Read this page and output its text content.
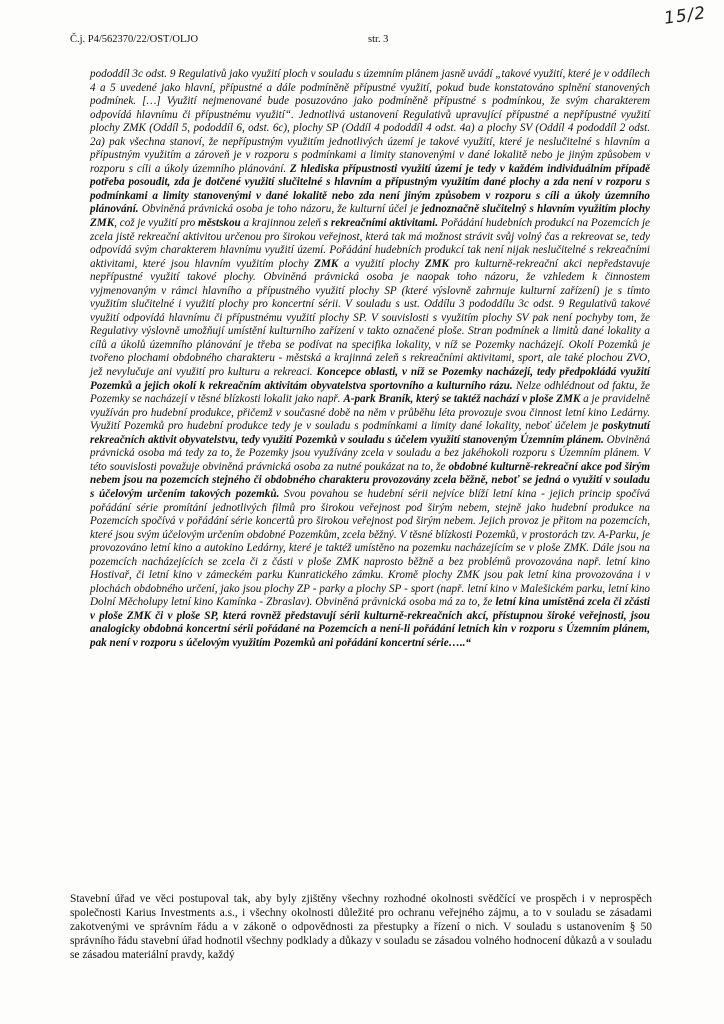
Č.j. P4/562370/22/OST/OLJO	str. 3
15/2
pododdíl 3c odst. 9 Regulativů jako využití ploch v souladu s územním plánem jasně uvádí „takové využití, které je v oddílech 4 a 5 uvedené jako hlavní, přípustné a dále podmíněně přípustné využití, pokud bude konstatováno splnění stanovených podmínek. […] Využití nejmenované bude posuzováno jako podmíněně přípustné s podmínkou, že svým charakterem odpovídá hlavnímu či přípustnému využití“. Jednotlivá ustanovení Regulativů upravující přípustné a nepřípustné využití plochy ZMK (Oddíl 5, pododdíl 6, odst. 6c), plochy SP (Oddíl 4 pododdíl 4 odst. 4a) a plochy SV (Oddíl 4 pododdíl 2 odst. 2a) pak všechna stanoví, že nepřípustným využitím jednotlivých území je takové využití, které je neslučitelné s hlavním a přípustným využitím a zároveň je v rozporu s podmínkami a limity stanovenými v dané lokalitě nebo je jiným způsobem v rozporu s cíli a úkoly územního plánování. Z hlediska přípustnosti využití území je tedy v každém individuálním případě potřeba posoudit, zda je dotčené využití slučitelné s hlavním a přípustným využitím dané plochy a zda není v rozporu s podmínkami a limity stanovenými v dané lokalitě nebo zda není jiným způsobem v rozporu s cíli a úkoly územního plánování. Obviněná právnická osoba je toho názoru, že kulturní účel je jednoznačně slučitelný s hlavním využitím plochy ZMK, což je využití pro městskou a krajinnou zeleň s rekreačními aktivitami. Pořádání hudebních produkcí na Pozemcích je zcela jistě rekreační aktivitou určenou pro širokou veřejnost, která tak má možnost strávit svůj volný čas a rekreovat se, tedy odpovídá svým charakterem hlavnímu využití území. Pořádání hudebních produkcí tak není nijak neslučitelné s rekreačními aktivitami, které jsou hlavním využitím plochy ZMK a využití plochy ZMK pro kulturně-rekreační akci nepředstavuje nepřípustné využití takové plochy. Obviněná právnická osoba je naopak toho názoru, že vzhledem k činnostem vyjmenovaným v rámci hlavního a přípustného využití plochy SP (které výslovně zahrnuje kulturní zařízení) je s tímto využitím slučitelné i využití plochy pro koncertní sérii. V souladu s ust. Oddílu 3 pododdílu 3c odst. 9 Regulativů takové využití odpovídá hlavnímu či přípustnému využití plochy SP. V souvislosti s využitím plochy SV pak není pochyby tom, že Regulativy výslovně umožňují umístění kulturního zařízení v takto označené ploše. Stran podmínek a limitů dané lokality a cílů a úkolů územního plánování je třeba se podívat na specifika lokality, v níž se Pozemky nacházejí. Okolí Pozemků je tvořeno plochami obdobného charakteru - městská a krajinná zeleň s rekreačními aktivitami, sport, ale také plochou ZVO, jež nevylučuje ani využití pro kulturu a rekreaci. Koncepce oblasti, v níž se Pozemky nacházejí, tedy předpokládá využití Pozemků a jejich okolí k rekreačním aktivitám obyvatelstva sportovního a kulturního rázu. Nelze odhlédnout od faktu, že Pozemky se nacházejí v těsné blízkosti lokalit jako např. A-park Braník, který se taktéž nachází v ploše ZMK a je pravidelně využíván pro hudební produkce, přičemž v současné době na něm v průběhu léta provozuje svou činnost letní kino Ledárny. Využití Pozemků pro hudební produkce tedy je v souladu s podmínkami a limity dané lokality, neboť účelem je poskytnutí rekreačních aktivit obyvatelstvu, tedy využití Pozemků v souladu s účelem využití stanoveným Územním plánem. Obviněná právnická osoba má tedy za to, že Pozemky jsou využívány zcela v souladu a bez jakéhokoli rozporu s Územním plánem. V této souvislosti považuje obviněná právnická osoba za nutné poukázat na to, že obdobné kulturně-rekreační akce pod širým nebem jsou na pozemcích stejného či obdobného charakteru provozovány zcela běžně, neboť se jedná o využití v souladu s účelovým určením takových pozemků. Svou povahou se hudební sérii nejvíce blíží letní kina - jejich princip spočívá pořádání série promítání jednotlivých filmů pro širokou veřejnost pod širým nebem, stejně jako hudební produkce na Pozemcích spočívá v pořádání série koncertů pro širokou veřejnost pod širým nebem. Jejich provoz je přitom na pozemcích, které jsou svým účelovým určením obdobné Pozemkům, zcela běžný. V těsné blízkosti Pozemků, v prostorách tzv. A-Parku, je provozováno letní kino a autokino Ledárny, které je taktéž umístěno na pozemku nacházejícím se v ploše ZMK. Dále jsou na pozemcích nacházejících se zcela či z části v ploše ZMK naprosto běžně a bez problémů provozována např. letní kino Hostivař, či letní kino v zámeckém parku Kunratického zámku. Kromě plochy ZMK jsou pak letní kina provozována i v plochách obdobného určení, jako jsou plochy ZP - parky a plochy SP - sport (např. letní kino v Malešickém parku, letní kino Dolní Měcholupy letní kino Kamínka - Zbraslav). Obviněná právnická osoba má za to, že letní kina umístěná zcela či zčásti v ploše ZMK či v ploše SP, která rovněž představují sérii kulturně-rekreačních akcí, přístupnou široké veřejnosti, jsou analogicky obdobná koncertní sérii pořádané na Pozemcích a není-li pořádání letních kin v rozporu s Územním plánem, pak není v rozporu s účelovým využitím Pozemků ani pořádání koncertní série…..“
Stavební úřad ve věci postupoval tak, aby byly zjištěny všechny rozhodné okolnosti svědčící ve prospěch i v neprospěch společnosti Karius Investments a.s., i všechny okolnosti důležité pro ochranu veřejného zájmu, a to v souladu se zásadami zakotvenými ve správním řádu a v zákoně o odpovědnosti za přestupky a řízení o nich. V souladu s ustanovením § 50 správního řádu stavební úřad hodnotil všechny podklady a důkazy v souladu se zásadou volného hodnocení důkazů a v souladu se zásadou materiální pravdy, každý
